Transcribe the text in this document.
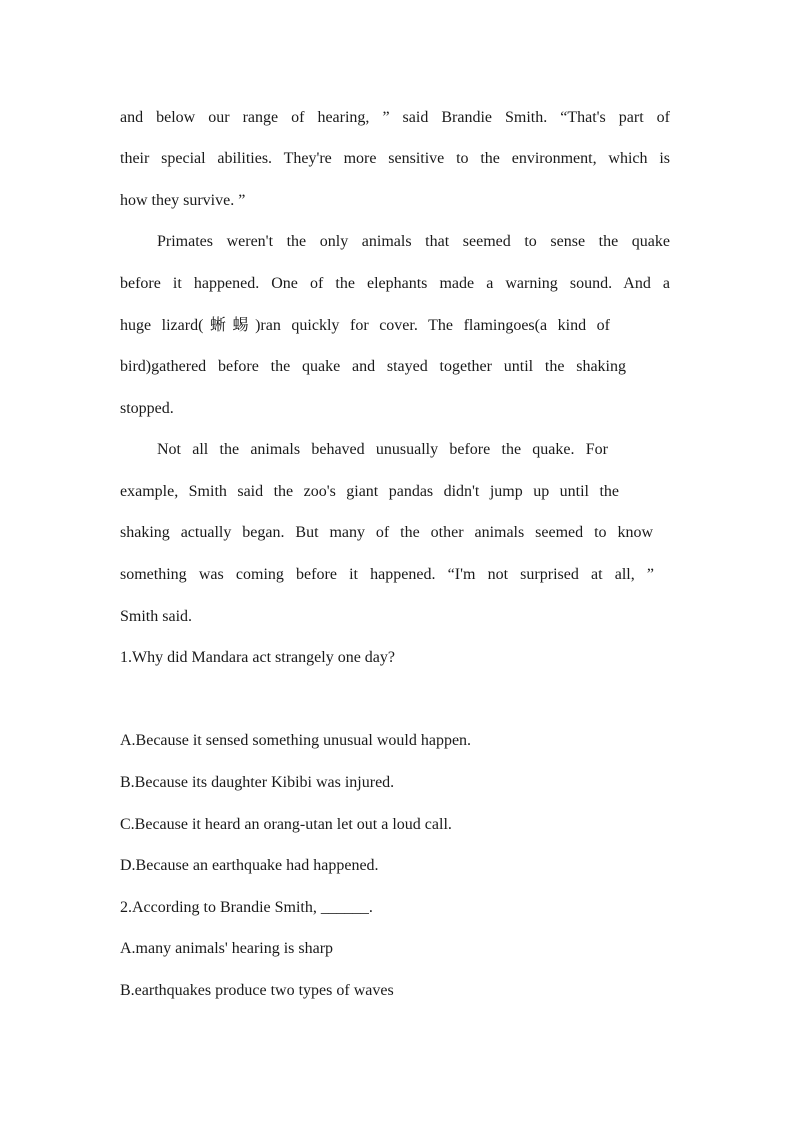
and below our range of hearing, ” said Brandie Smith. “That's part of
their special abilities. They're more sensitive to the environment, which is
how they survive. ”
Primates weren't the only animals that seemed to sense the quake
before it happened. One of the elephants made a warning sound. And a
huge lizard(蜥蜴)ran quickly for cover. The flamingoes(a kind of
bird)gathered before the quake and stayed together until the shaking
stopped.
Not all the animals behaved unusually before the quake. For
example, Smith said the zoo's giant pandas didn't jump up until the
shaking actually began. But many of the other animals seemed to know
something was coming before it happened. “I'm not surprised at all, ”
Smith said.
1.Why did Mandara act strangely one day?
A.Because it sensed something unusual would happen.
B.Because its daughter Kibibi was injured.
C.Because it heard an orang-utan let out a loud call.
D.Because an earthquake had happened.
2.According to Brandie Smith, ______.
A.many animals' hearing is sharp
B.earthquakes produce two types of waves
